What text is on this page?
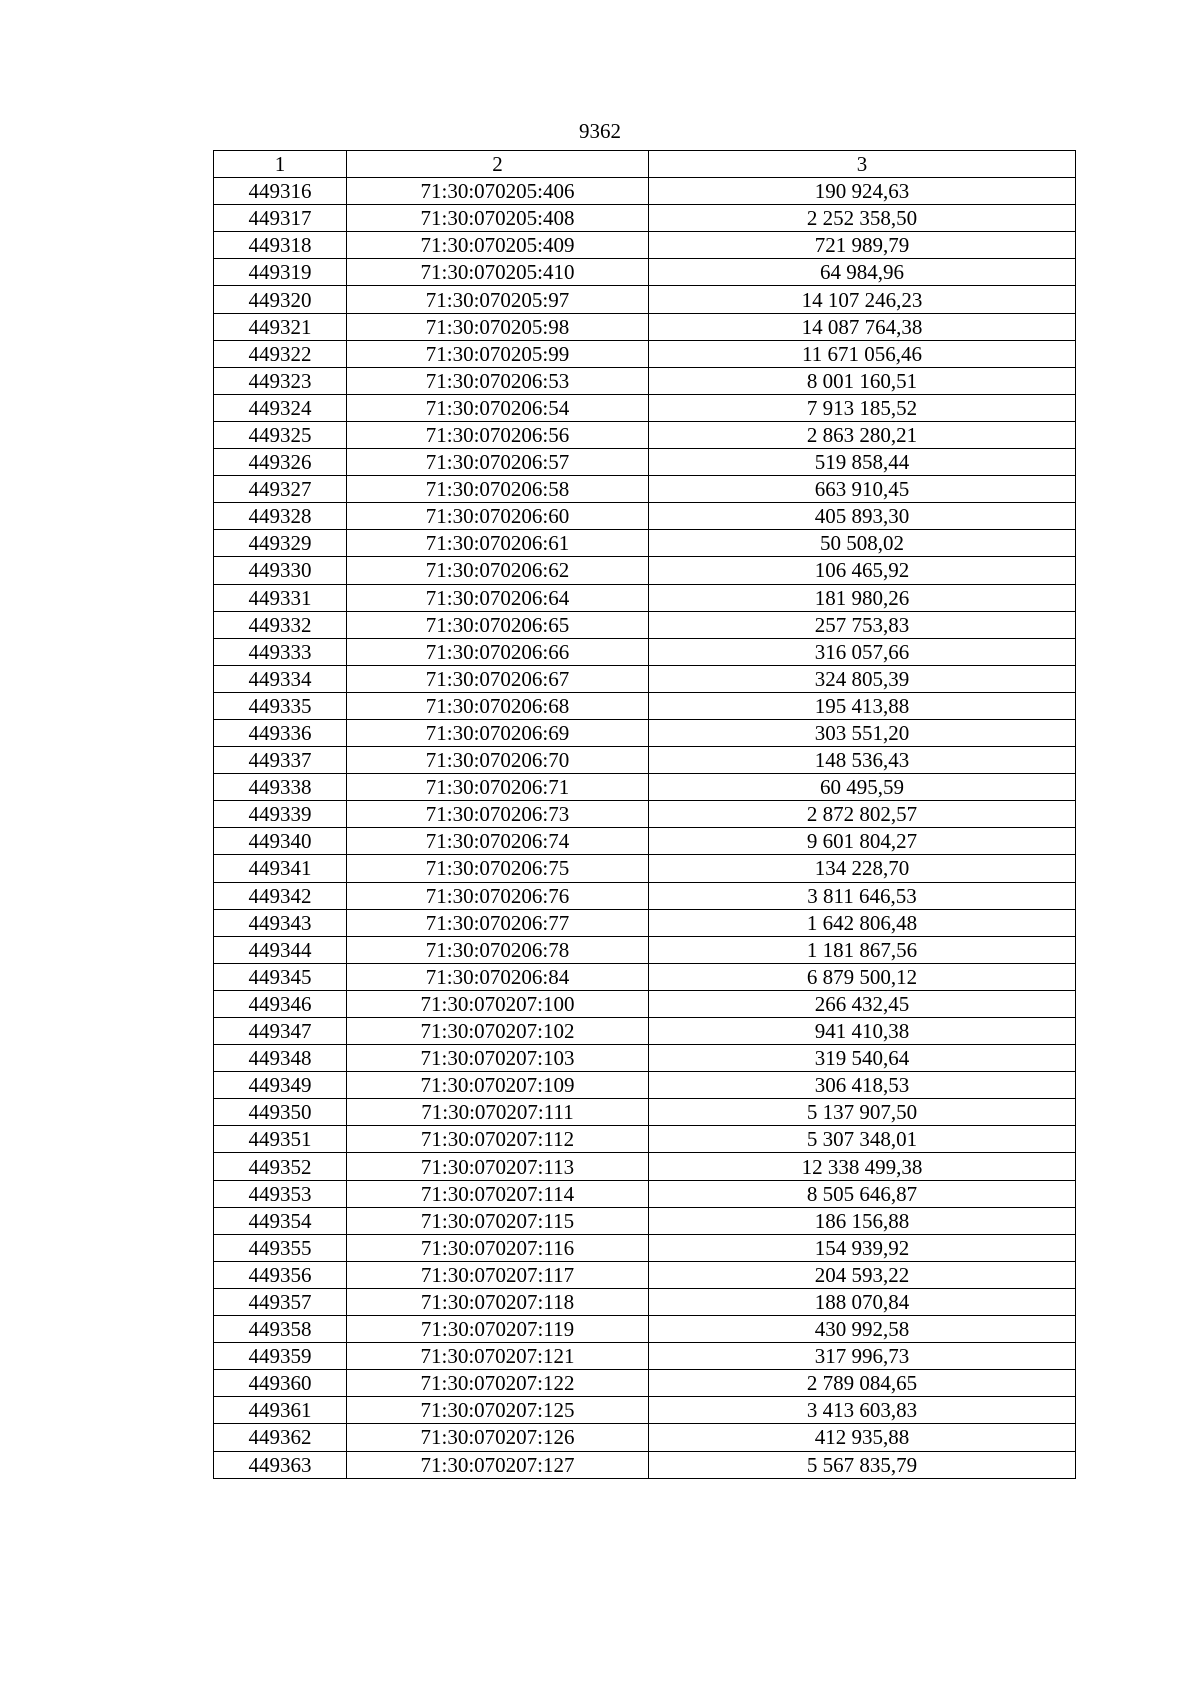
9362
1	2	3
449316	71:30:070205:406	190 924,63
449317	71:30:070205:408	2 252 358,50
449318	71:30:070205:409	721 989,79
449319	71:30:070205:410	64 984,96
449320	71:30:070205:97	14 107 246,23
449321	71:30:070205:98	14 087 764,38
449322	71:30:070205:99	11 671 056,46
449323	71:30:070206:53	8 001 160,51
449324	71:30:070206:54	7 913 185,52
449325	71:30:070206:56	2 863 280,21
449326	71:30:070206:57	519 858,44
449327	71:30:070206:58	663 910,45
449328	71:30:070206:60	405 893,30
449329	71:30:070206:61	50 508,02
449330	71:30:070206:62	106 465,92
449331	71:30:070206:64	181 980,26
449332	71:30:070206:65	257 753,83
449333	71:30:070206:66	316 057,66
449334	71:30:070206:67	324 805,39
449335	71:30:070206:68	195 413,88
449336	71:30:070206:69	303 551,20
449337	71:30:070206:70	148 536,43
449338	71:30:070206:71	60 495,59
449339	71:30:070206:73	2 872 802,57
449340	71:30:070206:74	9 601 804,27
449341	71:30:070206:75	134 228,70
449342	71:30:070206:76	3 811 646,53
449343	71:30:070206:77	1 642 806,48
449344	71:30:070206:78	1 181 867,56
449345	71:30:070206:84	6 879 500,12
449346	71:30:070207:100	266 432,45
449347	71:30:070207:102	941 410,38
449348	71:30:070207:103	319 540,64
449349	71:30:070207:109	306 418,53
449350	71:30:070207:111	5 137 907,50
449351	71:30:070207:112	5 307 348,01
449352	71:30:070207:113	12 338 499,38
449353	71:30:070207:114	8 505 646,87
449354	71:30:070207:115	186 156,88
449355	71:30:070207:116	154 939,92
449356	71:30:070207:117	204 593,22
449357	71:30:070207:118	188 070,84
449358	71:30:070207:119	430 992,58
449359	71:30:070207:121	317 996,73
449360	71:30:070207:122	2 789 084,65
449361	71:30:070207:125	3 413 603,83
449362	71:30:070207:126	412 935,88
449363	71:30:070207:127	5 567 835,79
